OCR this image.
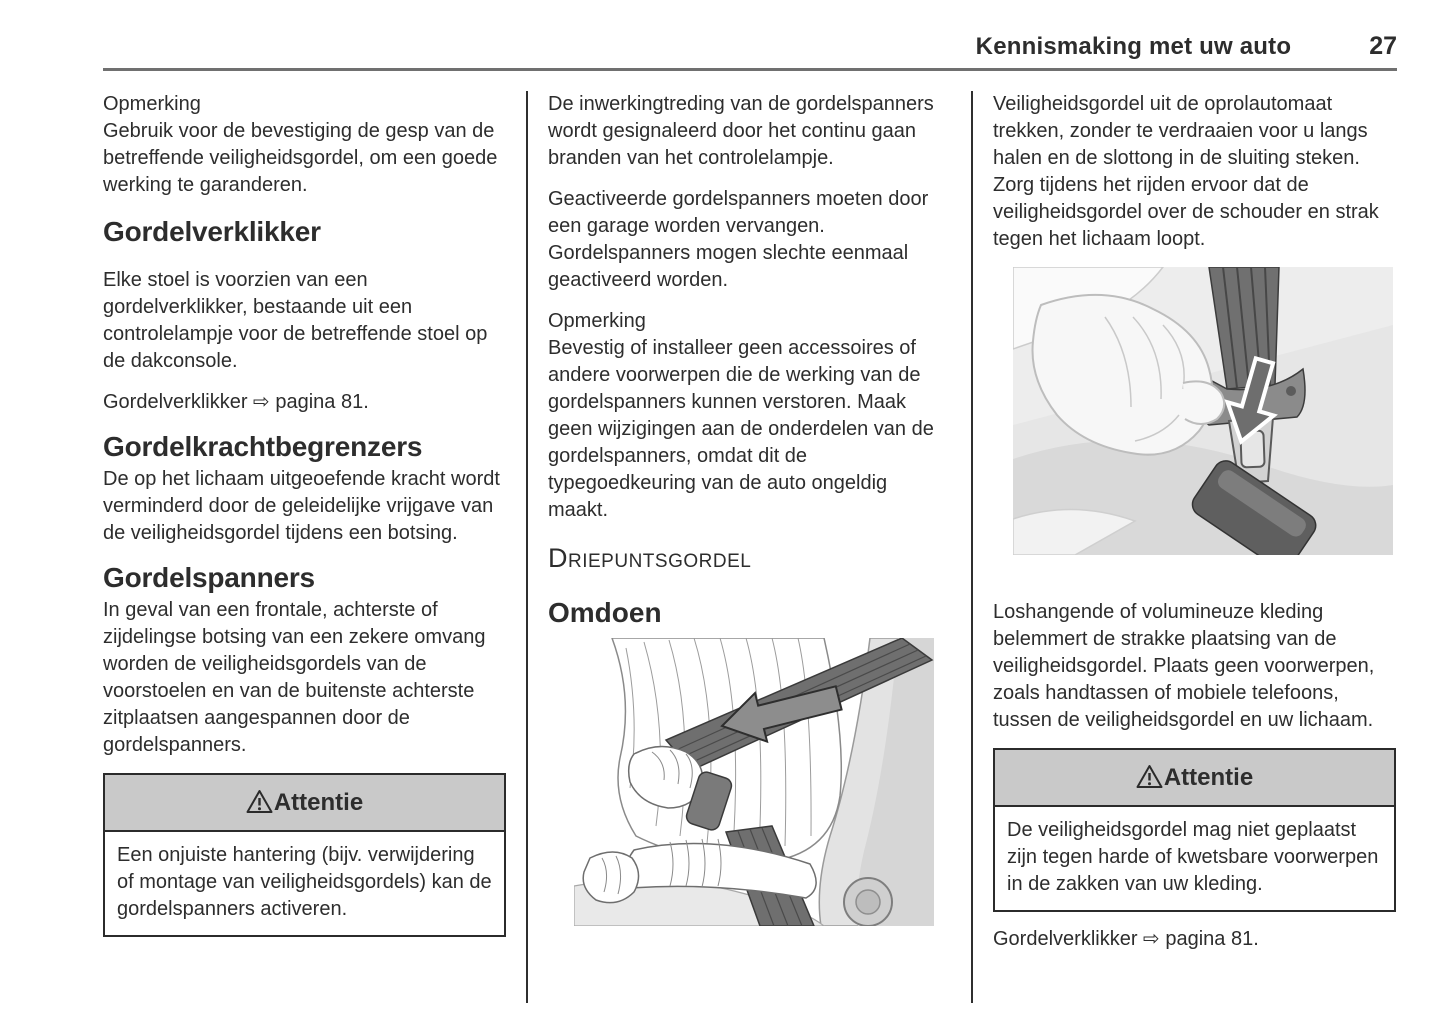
Kennismaking met uw auto	27
Opmerking

Gebruik voor de bevestiging de gesp van de betreffende veiligheidsgordel, om een goede werking te garanderen.

Gordelverklikker

Elke stoel is voorzien van een gordelverklikker, bestaande uit een controlelampje voor de betreffende stoel op de dakconsole.

Gordelverklikker ⇨ pagina 81.

Gordelkrachtbegrenzers

De op het lichaam uitgeoefende kracht wordt verminderd door de geleidelijke vrijgave van de veiligheidsgordel tijdens een botsing.

Gordelspanners

In geval van een frontale, achterste of zijdelingse botsing van een zekere omvang worden de veiligheidsgordels van de voorstoelen en van de buitenste achterste zitplaatsen aangespannen door de gordelspanners.

Attentie

Een onjuiste hantering (bijv. verwijdering of montage van veiligheidsgordels) kan de gordelspanners activeren.

De inwerkingtreding van de gordelspanners wordt gesignaleerd door het continu gaan branden van het controlelampje.

Geactiveerde gordelspanners moeten door een garage worden vervangen. Gordelspanners mogen slechte eenmaal geactiveerd worden.

Opmerking

Bevestig of installeer geen accessoires of andere voorwerpen die de werking van de gordelspanners kunnen verstoren. Maak geen wijzigingen aan de onderdelen van de gordelspanners, omdat dit de typegoedkeuring van de auto ongeldig maakt.

Driepuntsgordel
Omdoen

Veiligheidsgordel uit de oprolautomaat trekken, zonder te verdraaien voor u langs halen en de slottong in de sluiting steken. Zorg tijdens het rijden ervoor dat de veiligheidsgordel over de schouder en strak tegen het lichaam loopt.

Loshangende of volumineuze kleding belemmert de strakke plaatsing van de veiligheidsgordel. Plaats geen voorwerpen, zoals handtassen of mobiele telefoons, tussen de veiligheidsgordel en uw lichaam.

Attentie

De veiligheidsgordel mag niet geplaatst zijn tegen harde of kwetsbare voorwerpen in de zakken van uw kleding.

Gordelverklikker ⇨ pagina 81.
